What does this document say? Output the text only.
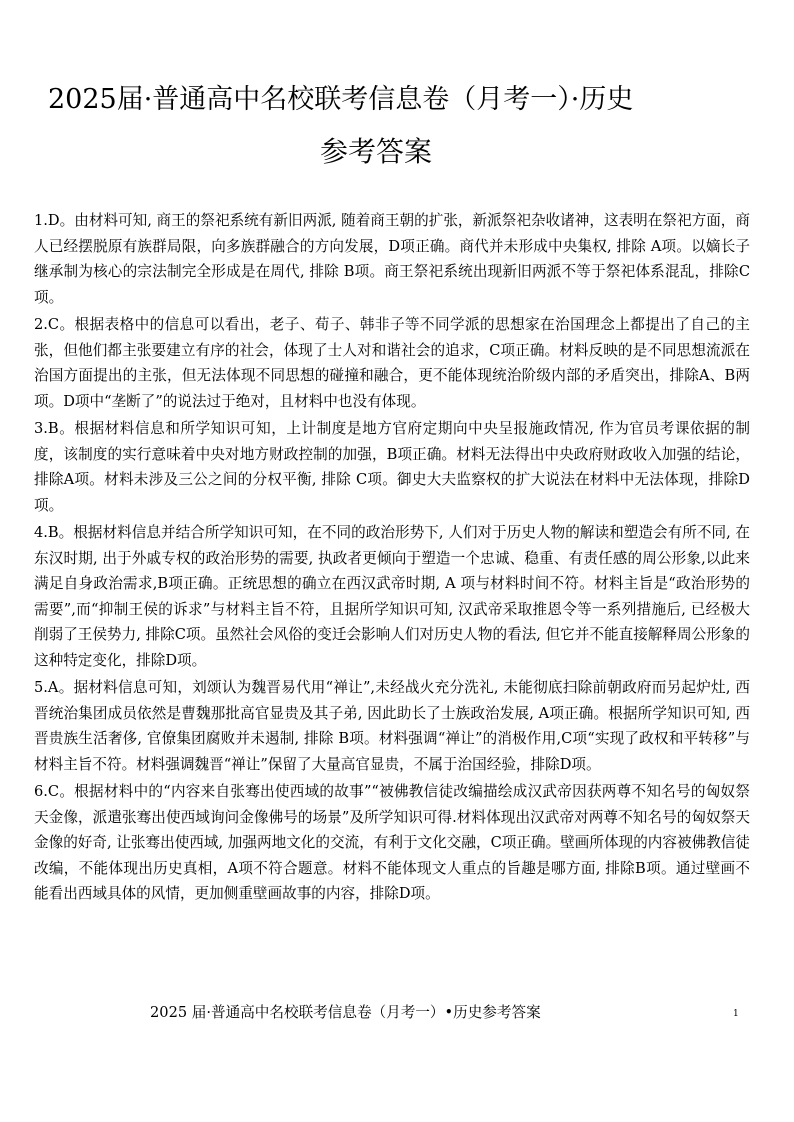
2025届·普通高中名校联考信息卷（月考一）·历史
参考答案

1.D。由材料可知, 商王的祭祀系统有新旧两派, 随着商王朝的扩张，新派祭祀杂收诸神，这表明在祭祀方面，商人已经摆脱原有族群局限，向多族群融合的方向发展，D项正确。商代并未形成中央集权, 排除 A项。以嫡长子继承制为核心的宗法制完全形成是在周代, 排除 B项。商王祭祀系统出现新旧两派不等于祭祀体系混乱，排除C项。

2.C。根据表格中的信息可以看出，老子、荀子、韩非子等不同学派的思想家在治国理念上都提出了自己的主张，但他们都主张要建立有序的社会，体现了士人对和谐社会的追求，C项正确。材料反映的是不同思想流派在治国方面提出的主张，但无法体现不同思想的碰撞和融合，更不能体现统治阶级内部的矛盾突出，排除A、B两项。D项中“垄断了”的说法过于绝对，且材料中也没有体现。

3.B。根据材料信息和所学知识可知，上计制度是地方官府定期向中央呈报施政情况, 作为官员考课依据的制度，该制度的实行意味着中央对地方财政控制的加强，B项正确。材料无法得出中央政府财政收入加强的结论，排除A项。材料未涉及三公之间的分权平衡, 排除 C项。御史大夫监察权的扩大说法在材料中无法体现，排除D项。

4.B。根据材料信息并结合所学知识可知，在不同的政治形势下, 人们对于历史人物的解读和塑造会有所不同, 在东汉时期, 出于外戚专权的政治形势的需要, 执政者更倾向于塑造一个忠诚、稳重、有责任感的周公形象,以此来满足自身政治需求,B项正确。正统思想的确立在西汉武帝时期, A 项与材料时间不符。材料主旨是“政治形势的需要”,而“抑制王侯的诉求”与材料主旨不符，且据所学知识可知, 汉武帝采取推恩令等一系列措施后, 已经极大削弱了王侯势力, 排除C项。虽然社会风俗的变迁会影响人们对历史人物的看法, 但它并不能直接解释周公形象的这种特定变化，排除D项。

5.A。据材料信息可知，刘颂认为魏晋易代用“禅让”,未经战火充分洗礼, 未能彻底扫除前朝政府而另起炉灶, 西晋统治集团成员依然是曹魏那批高官显贵及其子弟, 因此助长了士族政治发展, A项正确。根据所学知识可知, 西晋贵族生活奢侈, 官僚集团腐败并未遏制, 排除 B项。材料强调“禅让”的消极作用,C项“实现了政权和平转移”与材料主旨不符。材料强调魏晋“禅让”保留了大量高官显贵，不属于治国经验，排除D项。

6.C。根据材料中的“内容来自张骞出使西域的故事”“被佛教信徒改编描绘成汉武帝因获两尊不知名号的匈奴祭天金像，派遣张骞出使西域询问金像佛号的场景”及所学知识可得.材料体现出汉武帝对两尊不知名号的匈奴祭天金像的好奇, 让张骞出使西域, 加强两地文化的交流，有利于文化交融，C项正确。壁画所体现的内容被佛教信徒改编，不能体现出历史真相，A项不符合题意。材料不能体现文人重点的旨趣是哪方面, 排除B项。通过壁画不能看出西域具体的风情，更加侧重壁画故事的内容，排除D项。

2025 届·普通高中名校联考信息卷（月考一）•历史参考答案	1
